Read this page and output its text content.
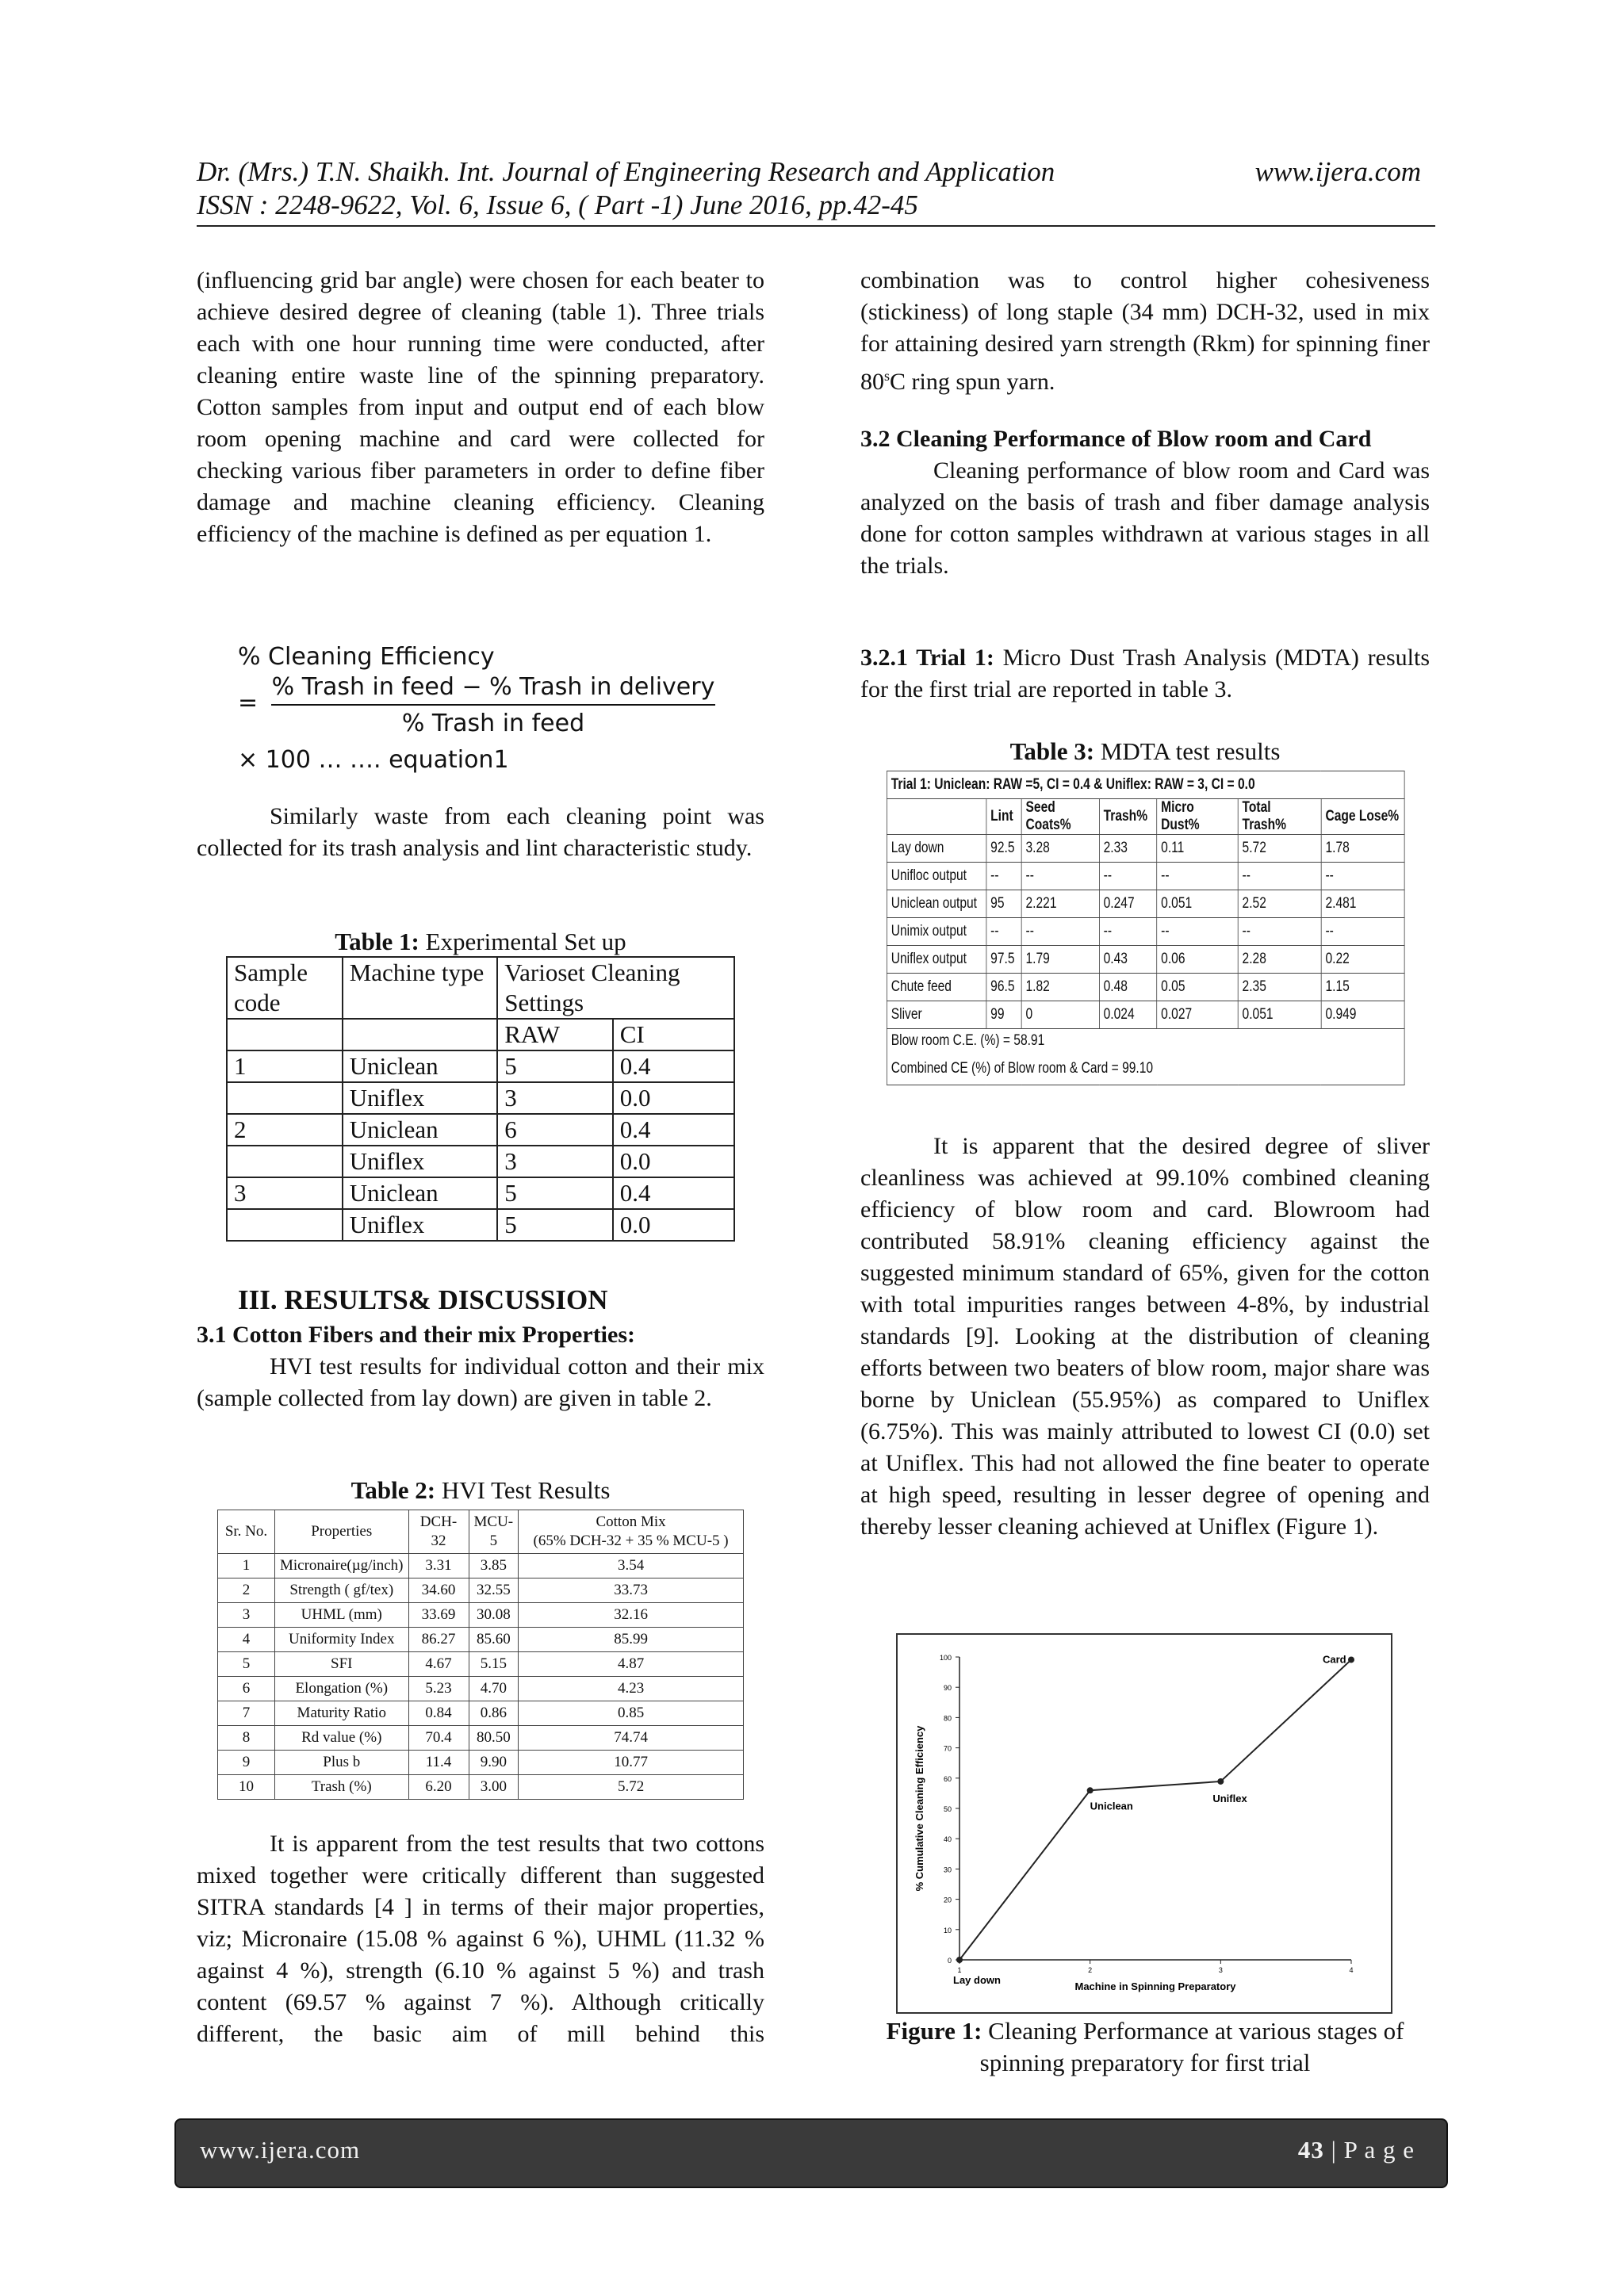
Dr. (Mrs.) T.N. Shaikh. Int. Journal of Engineering Research and Application	www.ijera.com
ISSN : 2248-9622, Vol. 6, Issue 6, ( Part -1) June 2016, pp.42-45

(influencing grid bar angle) were chosen for each beater to achieve desired degree of cleaning (table 1). Three trials each with one hour running time were conducted, after cleaning entire waste line of the spinning preparatory. Cotton samples from input and output end of each blow room opening machine and card were collected for checking various fiber parameters in order to define fiber damage and machine cleaning efficiency. Cleaning efficiency of the machine is defined as per equation 1.

% Cleaning Efficiency
=
% Trash in feed − % Trash in delivery
% Trash in feed
× 100 … …. equation1

Similarly waste from each cleaning point was collected for its trash analysis and lint characteristic study.

Table 1: Experimental Set up
Sample code	Machine type	Varioset Cleaning Settings	
		RAW	CI
1	Uniclean	5	0.4
	Uniflex	3	0.0
2	Uniclean	6	0.4
	Uniflex	3	0.0
3	Uniclean	5	0.4
	Uniflex	5	0.0
III. RESULTS& DISCUSSION

3.1 Cotton Fibers and their mix Properties:

HVI test results for individual cotton and their mix (sample collected from lay down) are given in table 2.

Table 2: HVI Test Results
Sr. No.	Properties	DCH-32	MCU-5	Cotton Mix
(65% DCH-32 + 35 % MCU-5 )
1	Micronaire(µg/inch)	3.31	3.85	3.54
2	Strength ( gf/tex)	34.60	32.55	33.73
3	UHML (mm)	33.69	30.08	32.16
4	Uniformity Index	86.27	85.60	85.99
5	SFI	4.67	5.15	4.87
6	Elongation (%)	5.23	4.70	4.23
7	Maturity Ratio	0.84	0.86	0.85
8	Rd value (%)	70.4	80.50	74.74
9	Plus b	11.4	9.90	10.77
10	Trash (%)	6.20	3.00	5.72

It is apparent from the test results that two cottons mixed together were critically different than suggested SITRA standards [4 ] in terms of their major properties, viz; Micronaire (15.08 % against 6 %), UHML (11.32 % against 4 %), strength (6.10 % against 5 %) and trash content (69.57 % against 7 %). Although critically different, the basic aim of mill behind this

combination was to control higher cohesiveness (stickiness) of long staple (34 mm) DCH-32, used in mix for attaining desired yarn strength (Rkm) for spinning finer 80$^s$C ring spun yarn.

3.2 Cleaning Performance of Blow room and Card

Cleaning performance of blow room and Card was analyzed on the basis of trash and fiber damage analysis done for cotton samples withdrawn at various stages in all the trials.

3.2.1 Trial 1: Micro Dust Trash Analysis (MDTA) results for the first trial are reported in table 3.

Table 3: MDTA test results
Trial 1: Uniclean: RAW =5, CI = 0.4 & Uniflex: RAW = 3, CI = 0.0						
	Lint	Seed Coats%	Trash%	Micro Dust%	Total Trash%	Cage Lose%
Lay down	92.5	3.28	2.33	0.11	5.72	1.78
Unifloc output	--	--	--	--	--	--
Uniclean output	95	2.221	0.247	0.051	2.52	2.481
Unimix output	--	--	--	--	--	--
Uniflex output	97.5	1.79	0.43	0.06	2.28	0.22
Chute feed	96.5	1.82	0.48	0.05	2.35	1.15
Sliver	99	0	0.024	0.027	0.051	0.949
Blow room C.E. (%) = 58.91						
Combined CE (%) of Blow room & Card = 99.10						

It is apparent that the desired degree of sliver cleanliness was achieved at 99.10% combined cleaning efficiency of blow room and card. Blowroom had contributed 58.91% cleaning efficiency against the suggested minimum standard of 65%, given for the cotton with total impurities ranges between 4-8%, by industrial standards [9]. Looking at the distribution of cleaning efforts between two beaters of blow room, major share was borne by Uniclean (55.95%) as compared to Uniflex (6.75%). This was mainly attributed to lowest CI (0.0) set at Uniflex. This had not allowed the fine beater to operate at high speed, resulting in lesser degree of opening and thereby lesser cleaning achieved at Uniflex (Figure 1).

0
10
20
30
40
50
60
70
80
90
100
1	2	3	4
Lay down
Uniclean
Uniflex
Card
Machine in Spinning Preparatory
% Cumulative Cleaning Efficiency
Figure 1: Cleaning Performance at various stages of spinning preparatory for first trial
www.ijera.com	43 | P a g e
